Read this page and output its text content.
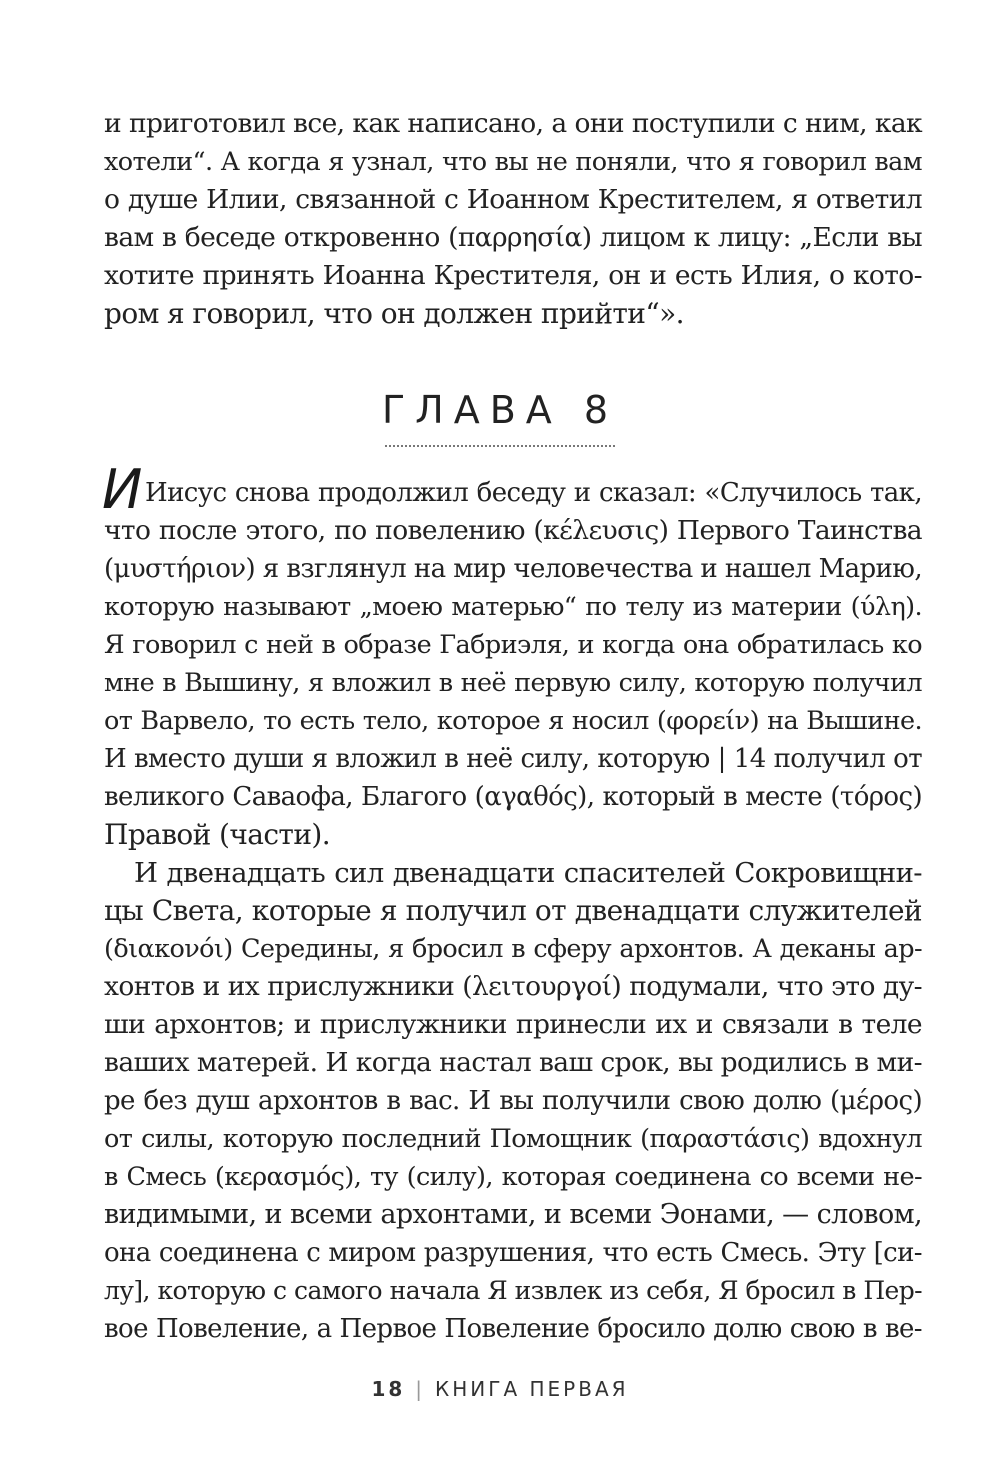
и приготовил все, как написано, а они поступили с ним, как
хотели“. А когда я узнал, что вы не поняли, что я говорил вам
о душе Илии, связанной с Иоанном Крестителем, я ответил
вам в беседе откровенно (παρρησία) лицом к лицу: „Если вы
хотите принять Иоанна Крестителя, он и есть Илия, о кото-
ром я говорил, что он должен прийти“».
ГЛАВА 8
И Иисус снова продолжил беседу и сказал: «Случилось так,
что после этого, по повелению (κέλευσις) Первого Таинства
(μυστήριον) я взглянул на мир человечества и нашел Марию,
которую называют „моею матерью“ по телу из материи (ύλη).
Я говорил с ней в образе Габриэля, и когда она обратилась ко
мне в Вышину, я вложил в неё первую силу, которую получил
от Варвело, то есть тело, которое я носил (φορείν) на Вышине.
И вместо души я вложил в неё силу, которую | 14 получил от
великого Саваофа, Благого (αγαθός), который в месте (τόρος)
Правой (части).
И двенадцать сил двенадцати спасителей Сокровищни-
цы Света, которые я получил от двенадцати служителей
(διακονόι) Середины, я бросил в сферу архонтов. А деканы ар-
хонтов и их прислужники (λειτουργοί) подумали, что это ду-
ши архонтов; и прислужники принесли их и связали в теле
ваших матерей. И когда настал ваш срок, вы родились в ми-
ре без душ архонтов в вас. И вы получили свою долю (μέρος)
от силы, которую последний Помощник (παραστάσις) вдохнул
в Смесь (κερασμός), ту (силу), которая соединена со всеми не-
видимыми, и всеми архонтами, и всеми Эонами, — словом,
она соединена с миром разрушения, что есть Смесь. Эту [си-
лу], которую с самого начала Я извлек из себя, Я бросил в Пер-
вое Повеление, а Первое Повеление бросило долю свою в ве-
18 | КНИГА ПЕРВАЯ
